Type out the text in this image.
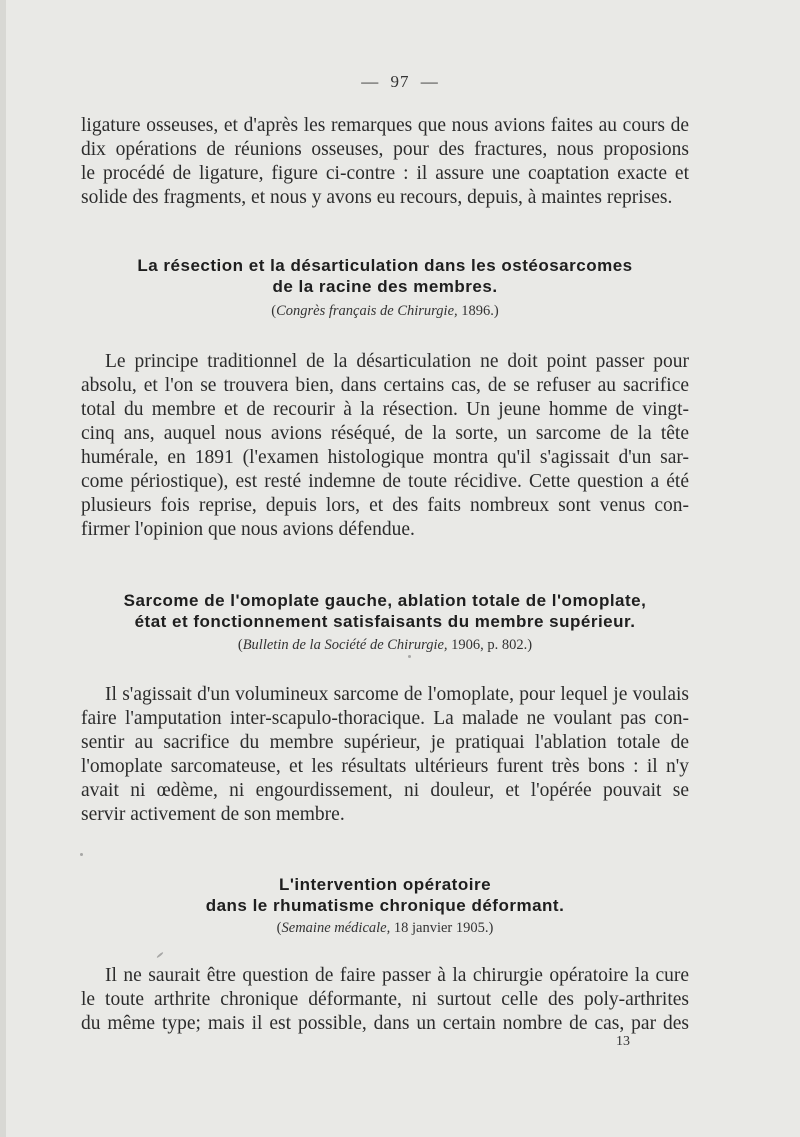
— 97 —

ligature osseuses, et d'après les remarques que nous avions faites au cours de
dix opérations de réunions osseuses, pour des fractures, nous proposions
le procédé de ligature, figure ci-contre : il assure une coaptation exacte et
solide des fragments, et nous y avons eu recours, depuis, à maintes reprises.

La résection et la désarticulation dans les ostéosarcomes
de la racine des membres.
(Congrès français de Chirurgie, 1896.)

Le principe traditionnel de la désarticulation ne doit point passer pour
absolu, et l'on se trouvera bien, dans certains cas, de se refuser au sacrifice
total du membre et de recourir à la résection. Un jeune homme de vingt-
cinq ans, auquel nous avions réséqué, de la sorte, un sarcome de la tête
humérale, en 1891 (l'examen histologique montra qu'il s'agissait d'un sar-
come périostique), est resté indemne de toute récidive. Cette question a été
plusieurs fois reprise, depuis lors, et des faits nombreux sont venus con-
firmer l'opinion que nous avions défendue.

Sarcome de l'omoplate gauche, ablation totale de l'omoplate,
état et fonctionnement satisfaisants du membre supérieur.
(Bulletin de la Société de Chirurgie, 1906, p. 802.)

Il s'agissait d'un volumineux sarcome de l'omoplate, pour lequel je voulais
faire l'amputation inter-scapulo-thoracique. La malade ne voulant pas con-
sentir au sacrifice du membre supérieur, je pratiquai l'ablation totale de
l'omoplate sarcomateuse, et les résultats ultérieurs furent très bons : il n'y
avait ni œdème, ni engourdissement, ni douleur, et l'opérée pouvait se
servir activement de son membre.

L'intervention opératoire
dans le rhumatisme chronique déformant.
(Semaine médicale, 18 janvier 1905.)

Il ne saurait être question de faire passer à la chirurgie opératoire la cure
le toute arthrite chronique déformante, ni surtout celle des poly-arthrites
du même type; mais il est possible, dans un certain nombre de cas, par des

13
